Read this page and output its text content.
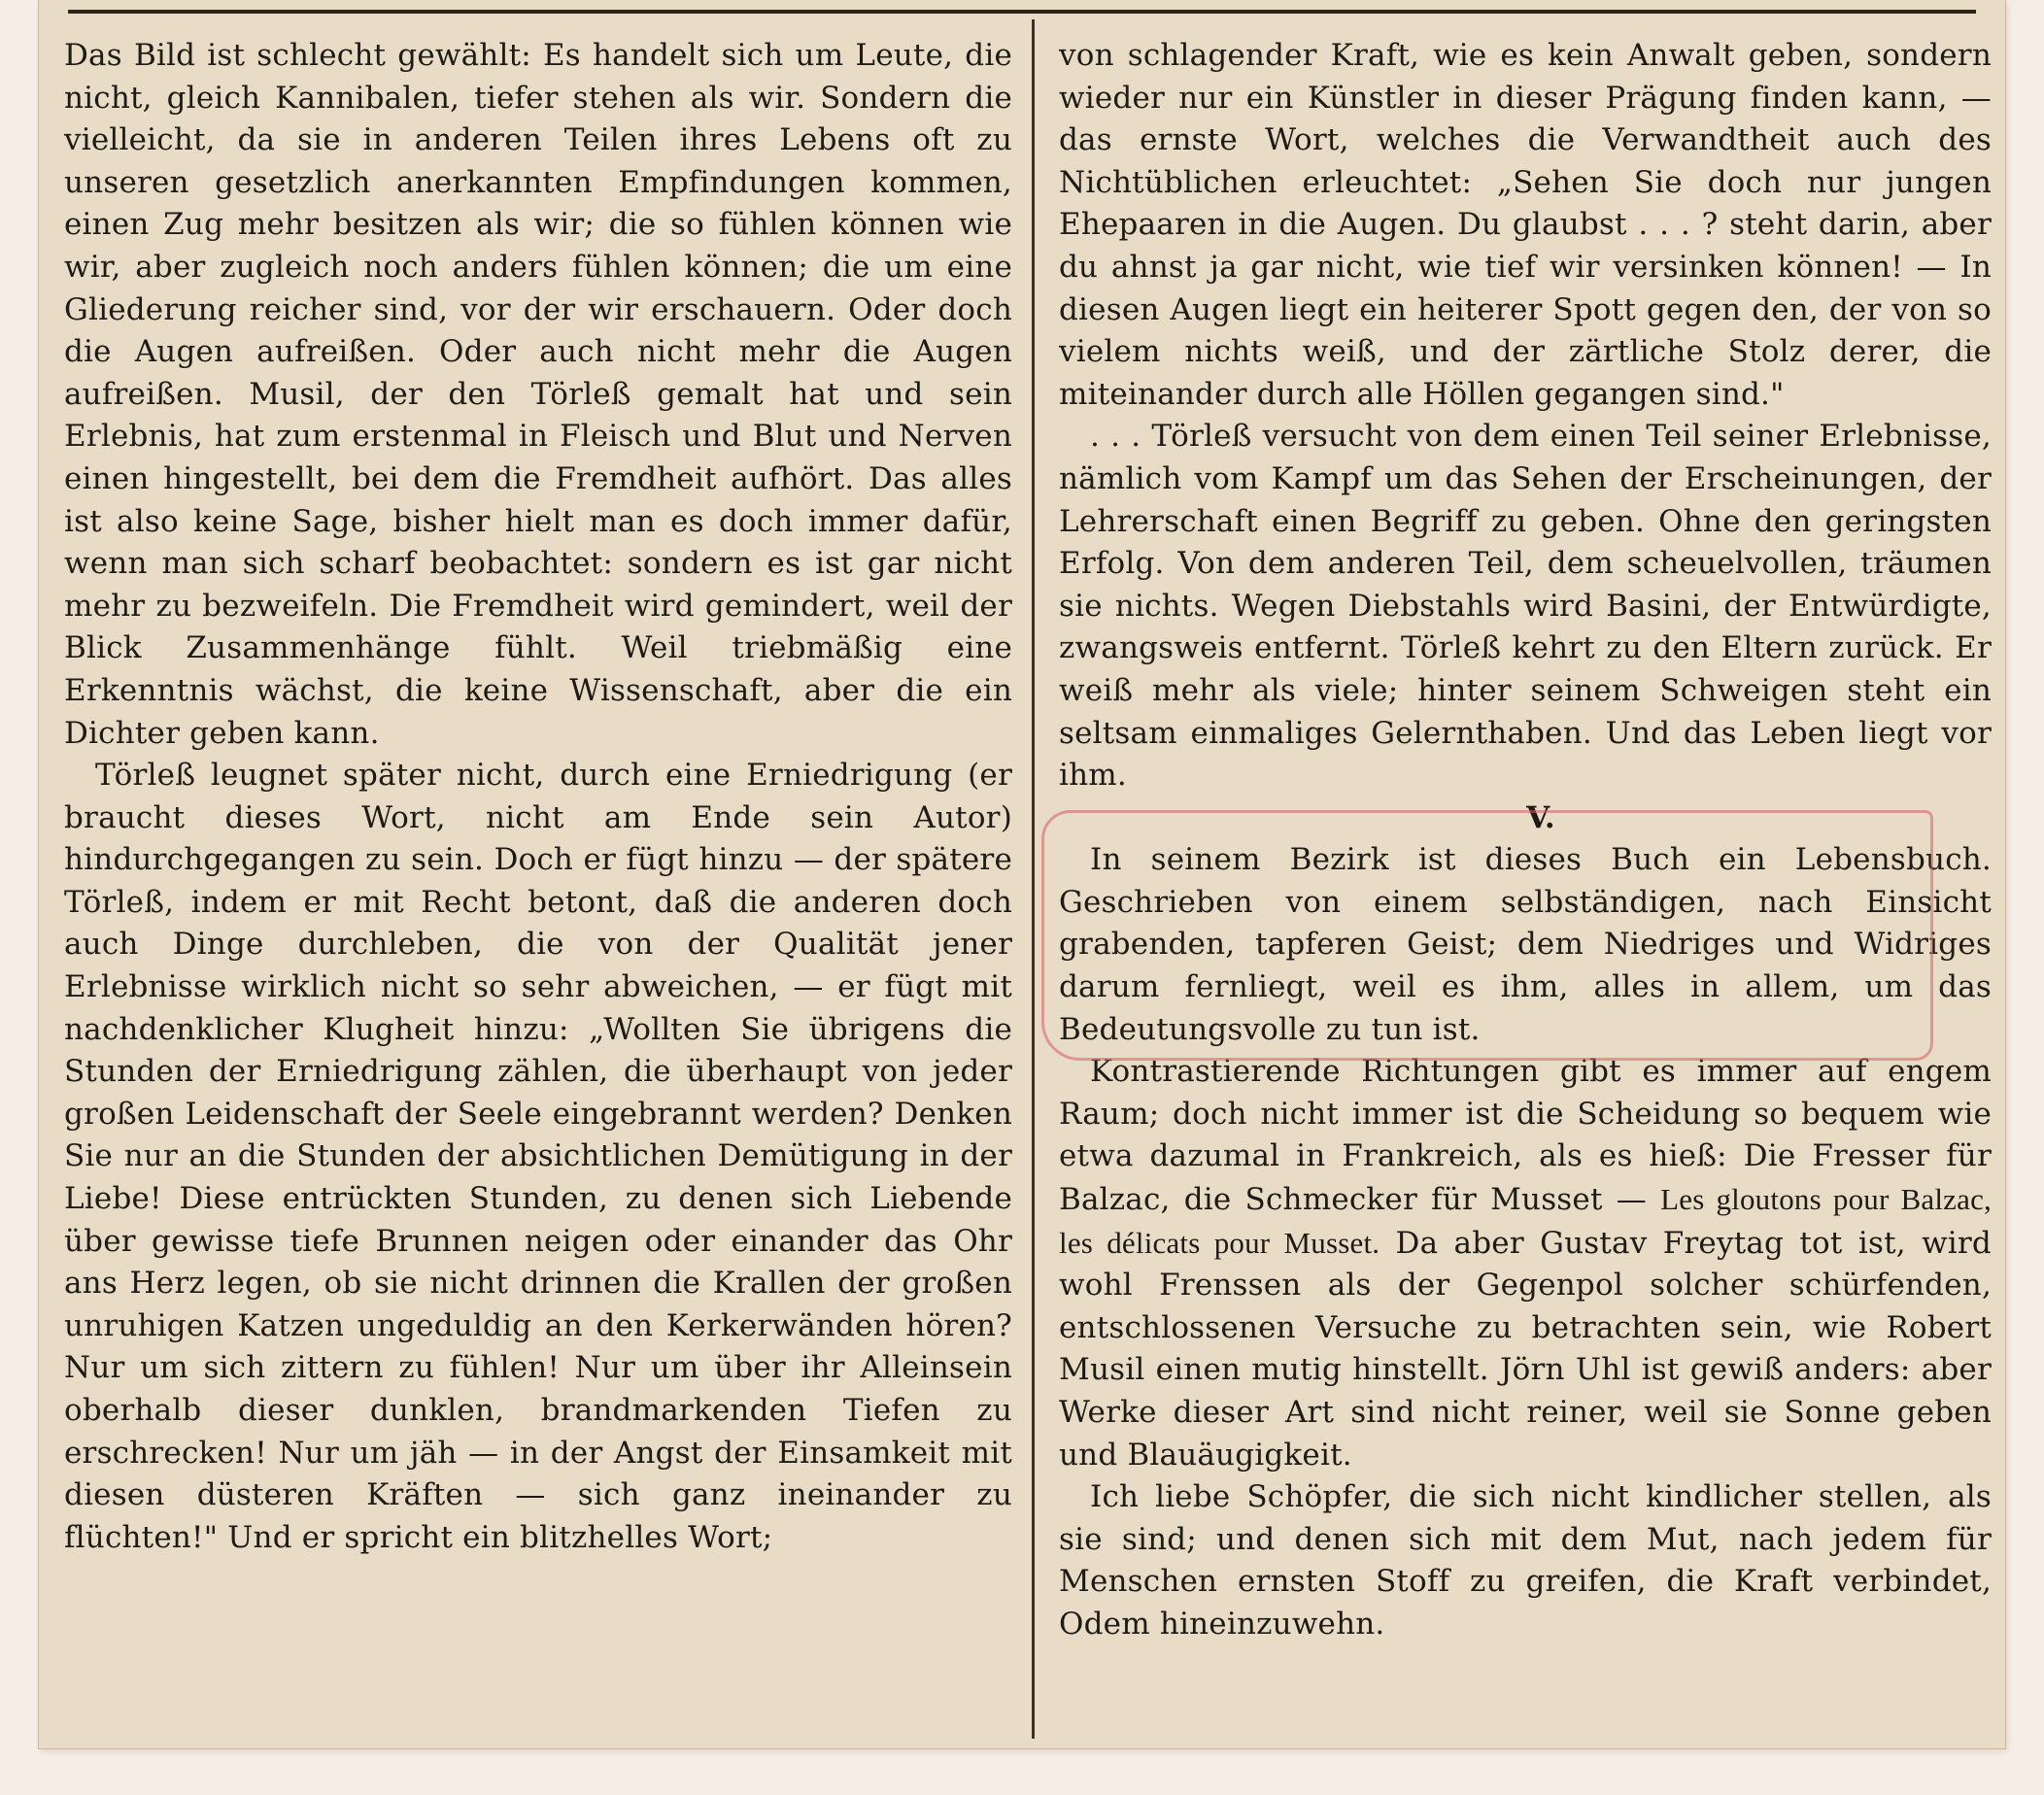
Das Bild ist schlecht gewählt: Es handelt sich um Leute, die nicht, gleich Kannibalen, tiefer stehen als wir. Sondern die vielleicht, da sie in anderen Teilen ihres Lebens oft zu unseren gesetzlich anerkannten Empfindungen kommen, einen Zug mehr besitzen als wir; die so fühlen können wie wir, aber zugleich noch anders fühlen können; die um eine Gliederung reicher sind, vor der wir erschauern. Oder doch die Augen aufreißen. Oder auch nicht mehr die Augen aufreißen. Musil, der den Törleß gemalt hat und sein Erlebnis, hat zum erstenmal in Fleisch und Blut und Nerven einen hingestellt, bei dem die Fremdheit aufhört. Das alles ist also keine Sage, bisher hielt man es doch immer dafür, wenn man sich scharf beobachtet: sondern es ist gar nicht mehr zu bezweifeln. Die Fremdheit wird gemindert, weil der Blick Zusammenhänge fühlt. Weil triebmäßig eine Erkenntnis wächst, die keine Wissenschaft, aber die ein Dichter geben kann.

Törleß leugnet später nicht, durch eine Erniedrigung (er braucht dieses Wort, nicht am Ende sein Autor) hindurchgegangen zu sein. Doch er fügt hinzu — der spätere Törleß, indem er mit Recht betont, daß die anderen doch auch Dinge durchleben, die von der Qualität jener Erlebnisse wirklich nicht so sehr abweichen, — er fügt mit nachdenklicher Klugheit hinzu: „Wollten Sie übrigens die Stunden der Erniedrigung zählen, die überhaupt von jeder großen Leidenschaft der Seele eingebrannt werden? Denken Sie nur an die Stunden der absichtlichen Demütigung in der Liebe! Diese entrückten Stunden, zu denen sich Liebende über gewisse tiefe Brunnen neigen oder einander das Ohr ans Herz legen, ob sie nicht drinnen die Krallen der großen unruhigen Katzen ungeduldig an den Kerkerwänden hören? Nur um sich zittern zu fühlen! Nur um über ihr Alleinsein oberhalb dieser dunklen, brandmarkenden Tiefen zu erschrecken! Nur um jäh — in der Angst der Einsamkeit mit diesen düsteren Kräften — sich ganz ineinander zu flüchten!" Und er spricht ein blitzhelles Wort;

von schlagender Kraft, wie es kein Anwalt geben, sondern wieder nur ein Künstler in dieser Prägung finden kann, — das ernste Wort, welches die Verwandtheit auch des Nichtüblichen erleuchtet: „Sehen Sie doch nur jungen Ehepaaren in die Augen. Du glaubst . . . ? steht darin, aber du ahnst ja gar nicht, wie tief wir versinken können! — In diesen Augen liegt ein heiterer Spott gegen den, der von so vielem nichts weiß, und der zärtliche Stolz derer, die miteinander durch alle Höllen gegangen sind."

. . . Törleß versucht von dem einen Teil seiner Erlebnisse, nämlich vom Kampf um das Sehen der Erscheinungen, der Lehrerschaft einen Begriff zu geben. Ohne den geringsten Erfolg. Von dem anderen Teil, dem scheuelvollen, träumen sie nichts. Wegen Diebstahls wird Basini, der Entwürdigte, zwangsweis entfernt. Törleß kehrt zu den Eltern zurück. Er weiß mehr als viele; hinter seinem Schweigen steht ein seltsam einmaliges Gelernthaben. Und das Leben liegt vor ihm.

V.

In seinem Bezirk ist dieses Buch ein Lebensbuch. Geschrieben von einem selbständigen, nach Einsicht grabenden, tapferen Geist; dem Niedriges und Widriges darum fernliegt, weil es ihm, alles in allem, um das Bedeutungsvolle zu tun ist.

Kontrastierende Richtungen gibt es immer auf engem Raum; doch nicht immer ist die Scheidung so bequem wie etwa dazumal in Frankreich, als es hieß: Die Fresser für Balzac, die Schmecker für Musset — Les gloutons pour Balzac, les délicats pour Musset. Da aber Gustav Freytag tot ist, wird wohl Frenssen als der Gegenpol solcher schürfenden, entschlossenen Versuche zu betrachten sein, wie Robert Musil einen mutig hinstellt. Jörn Uhl ist gewiß anders: aber Werke dieser Art sind nicht reiner, weil sie Sonne geben und Blauäugigkeit.

Ich liebe Schöpfer, die sich nicht kindlicher stellen, als sie sind; und denen sich mit dem Mut, nach jedem für Menschen ernsten Stoff zu greifen, die Kraft verbindet, Odem hineinzuwehn.
